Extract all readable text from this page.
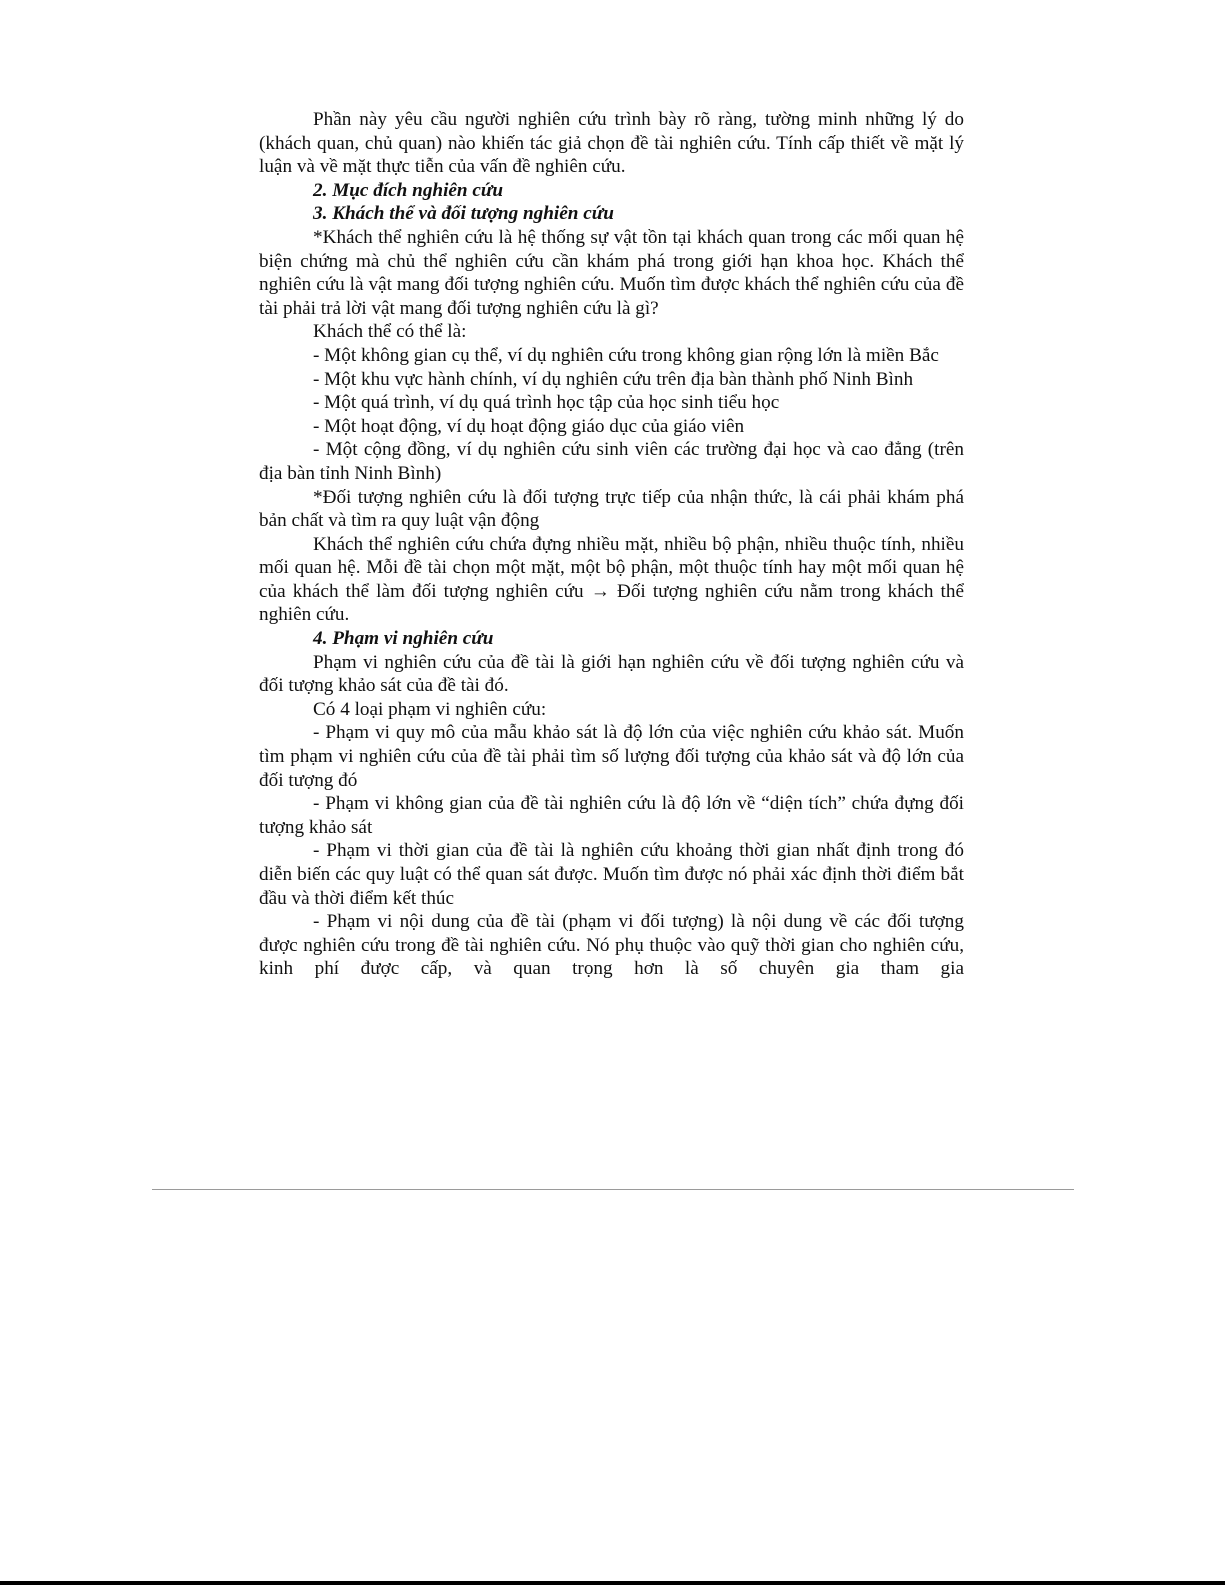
Phần này yêu cầu người nghiên cứu trình bày rõ ràng, tường minh những lý do (khách quan, chủ quan) nào khiến tác giả chọn đề tài nghiên cứu. Tính cấp thiết về mặt lý luận và về mặt thực tiễn của vấn đề nghiên cứu.

2. Mục đích nghiên cứu

3. Khách thể và đối tượng nghiên cứu

*Khách thể nghiên cứu là hệ thống sự vật tồn tại khách quan trong các mối quan hệ biện chứng mà chủ thể nghiên cứu cần khám phá trong giới hạn khoa học. Khách thể nghiên cứu là vật mang đối tượng nghiên cứu. Muốn tìm được khách thể nghiên cứu của đề tài phải trả lời vật mang đối tượng nghiên cứu là gì?

Khách thể có thể là:

- Một không gian cụ thể, ví dụ nghiên cứu trong không gian rộng lớn là miền Bắc

- Một khu vực hành chính, ví dụ nghiên cứu trên địa bàn thành phố Ninh Bình

- Một quá trình, ví dụ quá trình học tập của học sinh tiểu học

- Một hoạt động, ví dụ hoạt động giáo dục của giáo viên

- Một cộng đồng, ví dụ nghiên cứu sinh viên các trường đại học và cao đẳng (trên địa bàn tỉnh Ninh Bình)

*Đối tượng nghiên cứu là đối tượng trực tiếp của nhận thức, là cái phải khám phá bản chất và tìm ra quy luật vận động

Khách thể nghiên cứu chứa đựng nhiều mặt, nhiều bộ phận, nhiều thuộc tính, nhiều mối quan hệ. Mỗi đề tài chọn một mặt, một bộ phận, một thuộc tính hay một mối quan hệ của khách thể làm đối tượng nghiên cứu → Đối tượng nghiên cứu nằm trong khách thể nghiên cứu.

4. Phạm vi nghiên cứu

Phạm vi nghiên cứu của đề tài là giới hạn nghiên cứu về đối tượng nghiên cứu và đối tượng khảo sát của đề tài đó.

Có 4 loại phạm vi nghiên cứu:

- Phạm vi quy mô của mẫu khảo sát là độ lớn của việc nghiên cứu khảo sát. Muốn tìm phạm vi nghiên cứu của đề tài phải tìm số lượng đối tượng của khảo sát và độ lớn của đối tượng đó

- Phạm vi không gian của đề tài nghiên cứu là độ lớn về “diện tích” chứa đựng đối tượng khảo sát

- Phạm vi thời gian của đề tài là nghiên cứu khoảng thời gian nhất định trong đó diễn biến các quy luật có thể quan sát được. Muốn tìm được nó phải xác định thời điểm bắt đầu và thời điểm kết thúc

- Phạm vi nội dung của đề tài (phạm vi đối tượng) là nội dung về các đối tượng được nghiên cứu trong đề tài nghiên cứu. Nó phụ thuộc vào quỹ thời gian cho nghiên cứu, kinh phí được cấp, và quan trọng hơn là số chuyên gia tham gia
